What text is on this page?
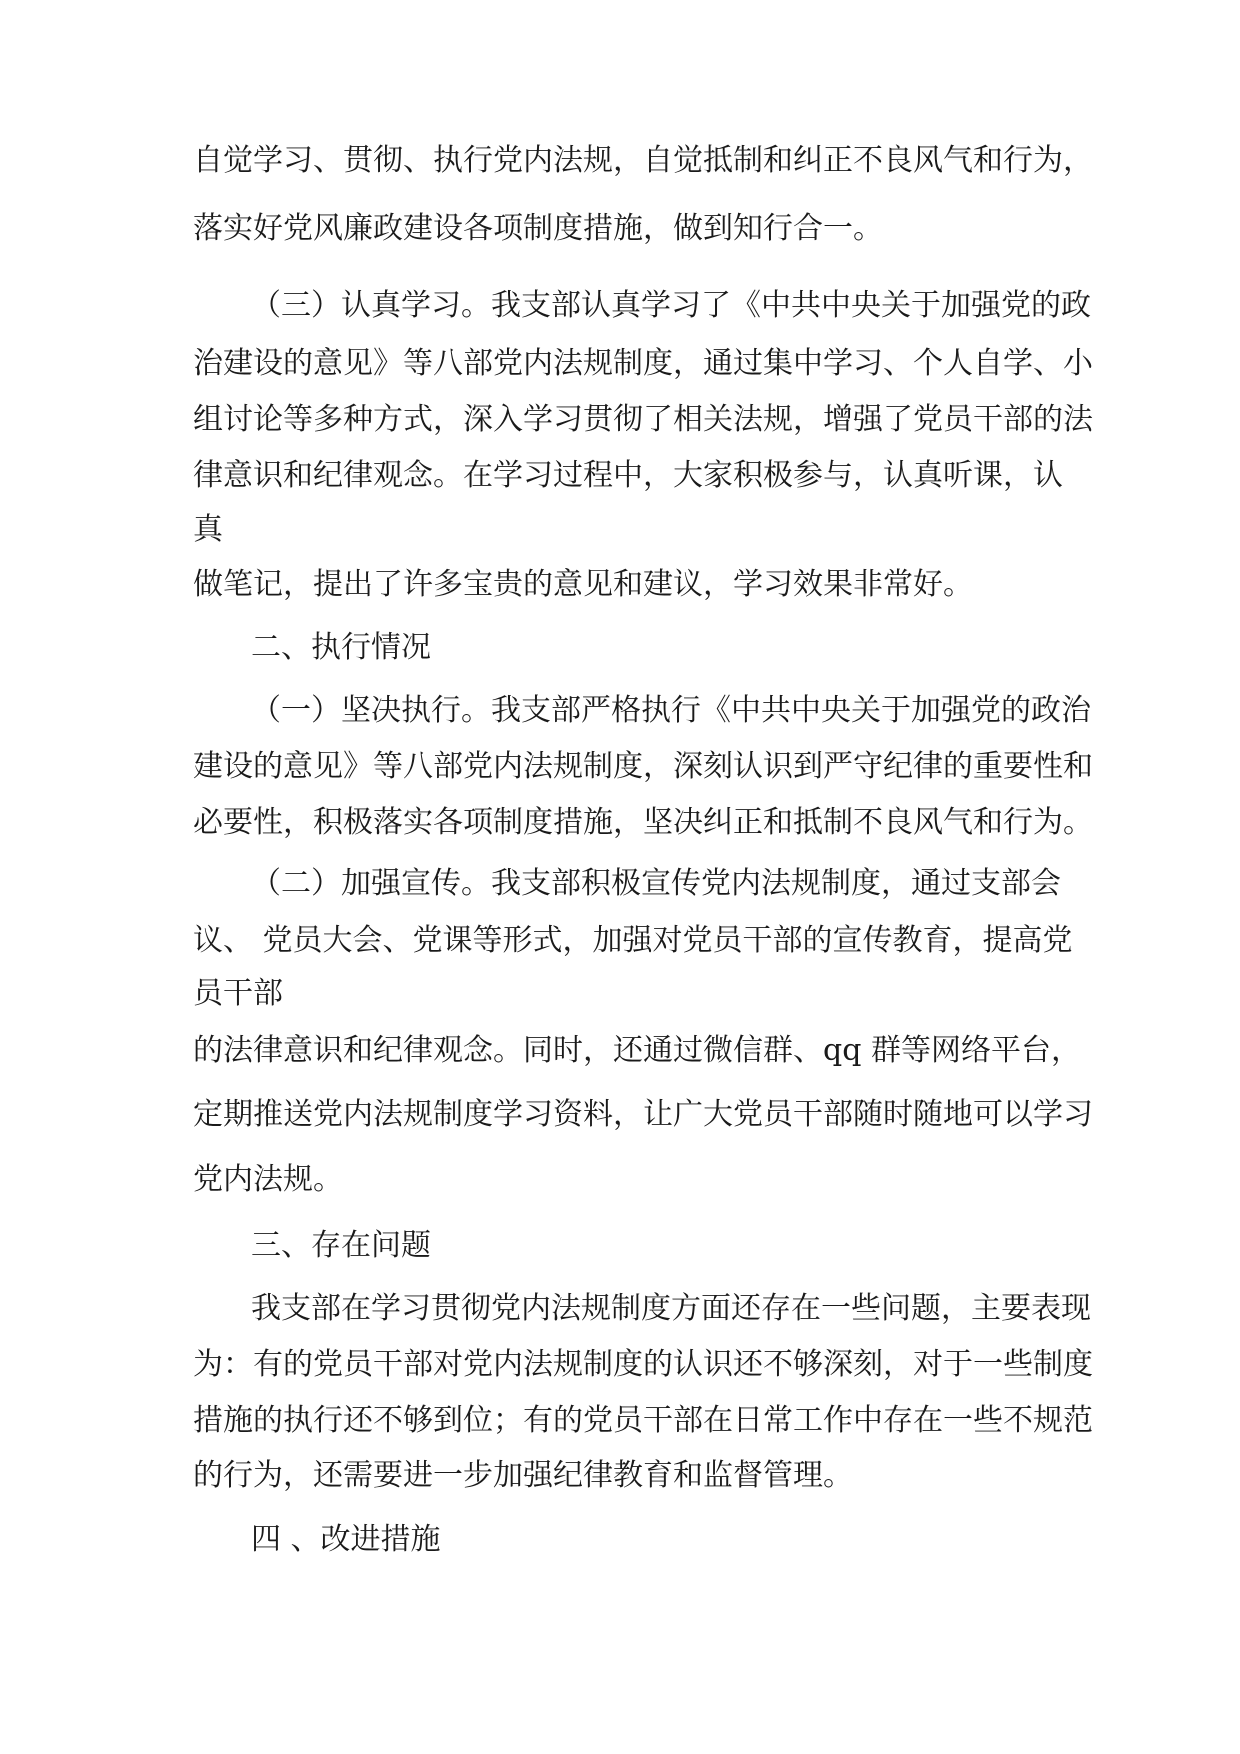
自觉学习、贯彻、执行党内法规，自觉抵制和纠正不良风气和行为，
落实好党风廉政建设各项制度措施，做到知行合一。
（三）认真学习。我支部认真学习了《中共中央关于加强党的政
治建设的意见》等八部党内法规制度，通过集中学习、个人自学、小
组讨论等多种方式，深入学习贯彻了相关法规，增强了党员干部的法
律意识和纪律观念。在学习过程中，大家积极参与，认真听课，认
真
做笔记，提出了许多宝贵的意见和建议，学习效果非常好。
二、执行情况
（一）坚决执行。我支部严格执行《中共中央关于加强党的政治
建设的意见》等八部党内法规制度，深刻认识到严守纪律的重要性和
必要性，积极落实各项制度措施，坚决纠正和抵制不良风气和行为。
（二）加强宣传。我支部积极宣传党内法规制度，通过支部会
议、 党员大会、党课等形式，加强对党员干部的宣传教育，提高党
员干部
的法律意识和纪律观念。同时，还通过微信群、qq 群等网络平台，
定期推送党内法规制度学习资料，让广大党员干部随时随地可以学习
党内法规。
三、存在问题
我支部在学习贯彻党内法规制度方面还存在一些问题，主要表现
为：有的党员干部对党内法规制度的认识还不够深刻，对于一些制度
措施的执行还不够到位；有的党员干部在日常工作中存在一些不规范
的行为，还需要进一步加强纪律教育和监督管理。
四 、改进措施
